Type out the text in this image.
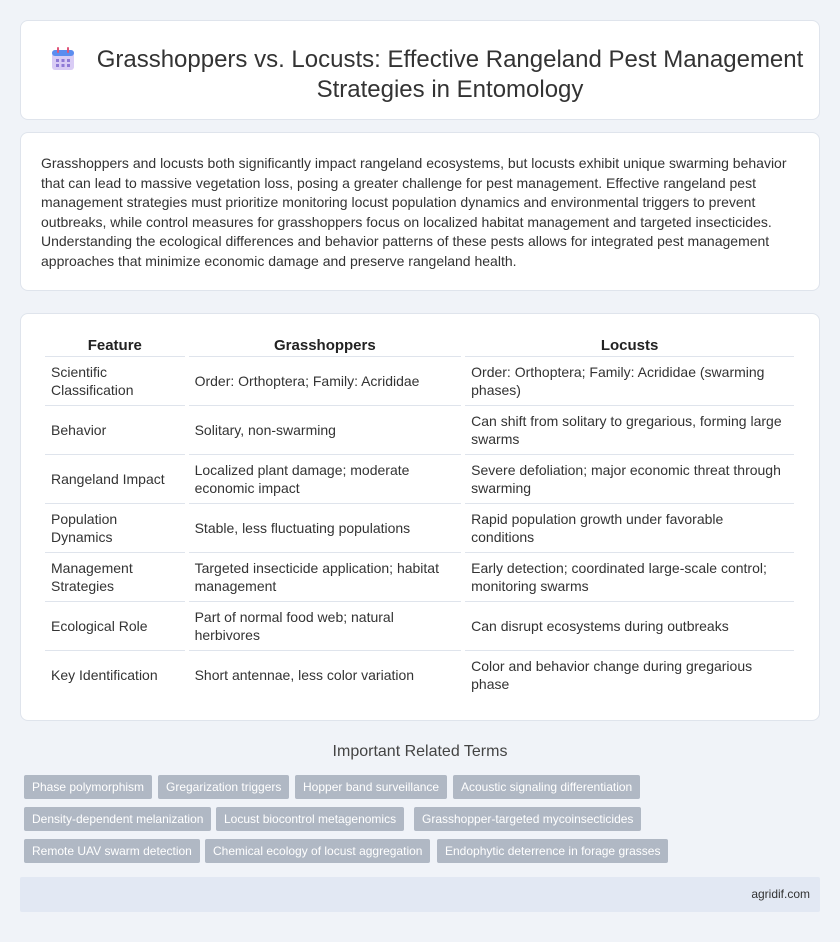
Grasshoppers vs. Locusts: Effective Rangeland Pest Management Strategies in Entomology

Grasshoppers and locusts both significantly impact rangeland ecosystems, but locusts exhibit unique swarming behavior that can lead to massive vegetation loss, posing a greater challenge for pest management. Effective rangeland pest management strategies must prioritize monitoring locust population dynamics and environmental triggers to prevent outbreaks, while control measures for grasshoppers focus on localized habitat management and targeted insecticides. Understanding the ecological differences and behavior patterns of these pests allows for integrated pest management approaches that minimize economic damage and preserve rangeland health.

Feature	Grasshoppers	Locusts
Scientific Classification	Order: Orthoptera; Family: Acrididae	Order: Orthoptera; Family: Acrididae (swarming phases)
Behavior	Solitary, non-swarming	Can shift from solitary to gregarious, forming large swarms
Rangeland Impact	Localized plant damage; moderate economic impact	Severe defoliation; major economic threat through swarming
Population Dynamics	Stable, less fluctuating populations	Rapid population growth under favorable conditions
Management Strategies	Targeted insecticide application; habitat management	Early detection; coordinated large-scale control; monitoring swarms
Ecological Role	Part of normal food web; natural herbivores	Can disrupt ecosystems during outbreaks
Key Identification	Short antennae, less color variation	Color and behavior change during gregarious phase
Important Related Terms
Phase polymorphism	Gregarization triggers	Hopper band surveillance	Acoustic signaling differentiation
Density-dependent melanization	Locust biocontrol metagenomics	Grasshopper-targeted mycoinsecticides
Remote UAV swarm detection	Chemical ecology of locust aggregation	Endophytic deterrence in forage grasses
agridif.com
